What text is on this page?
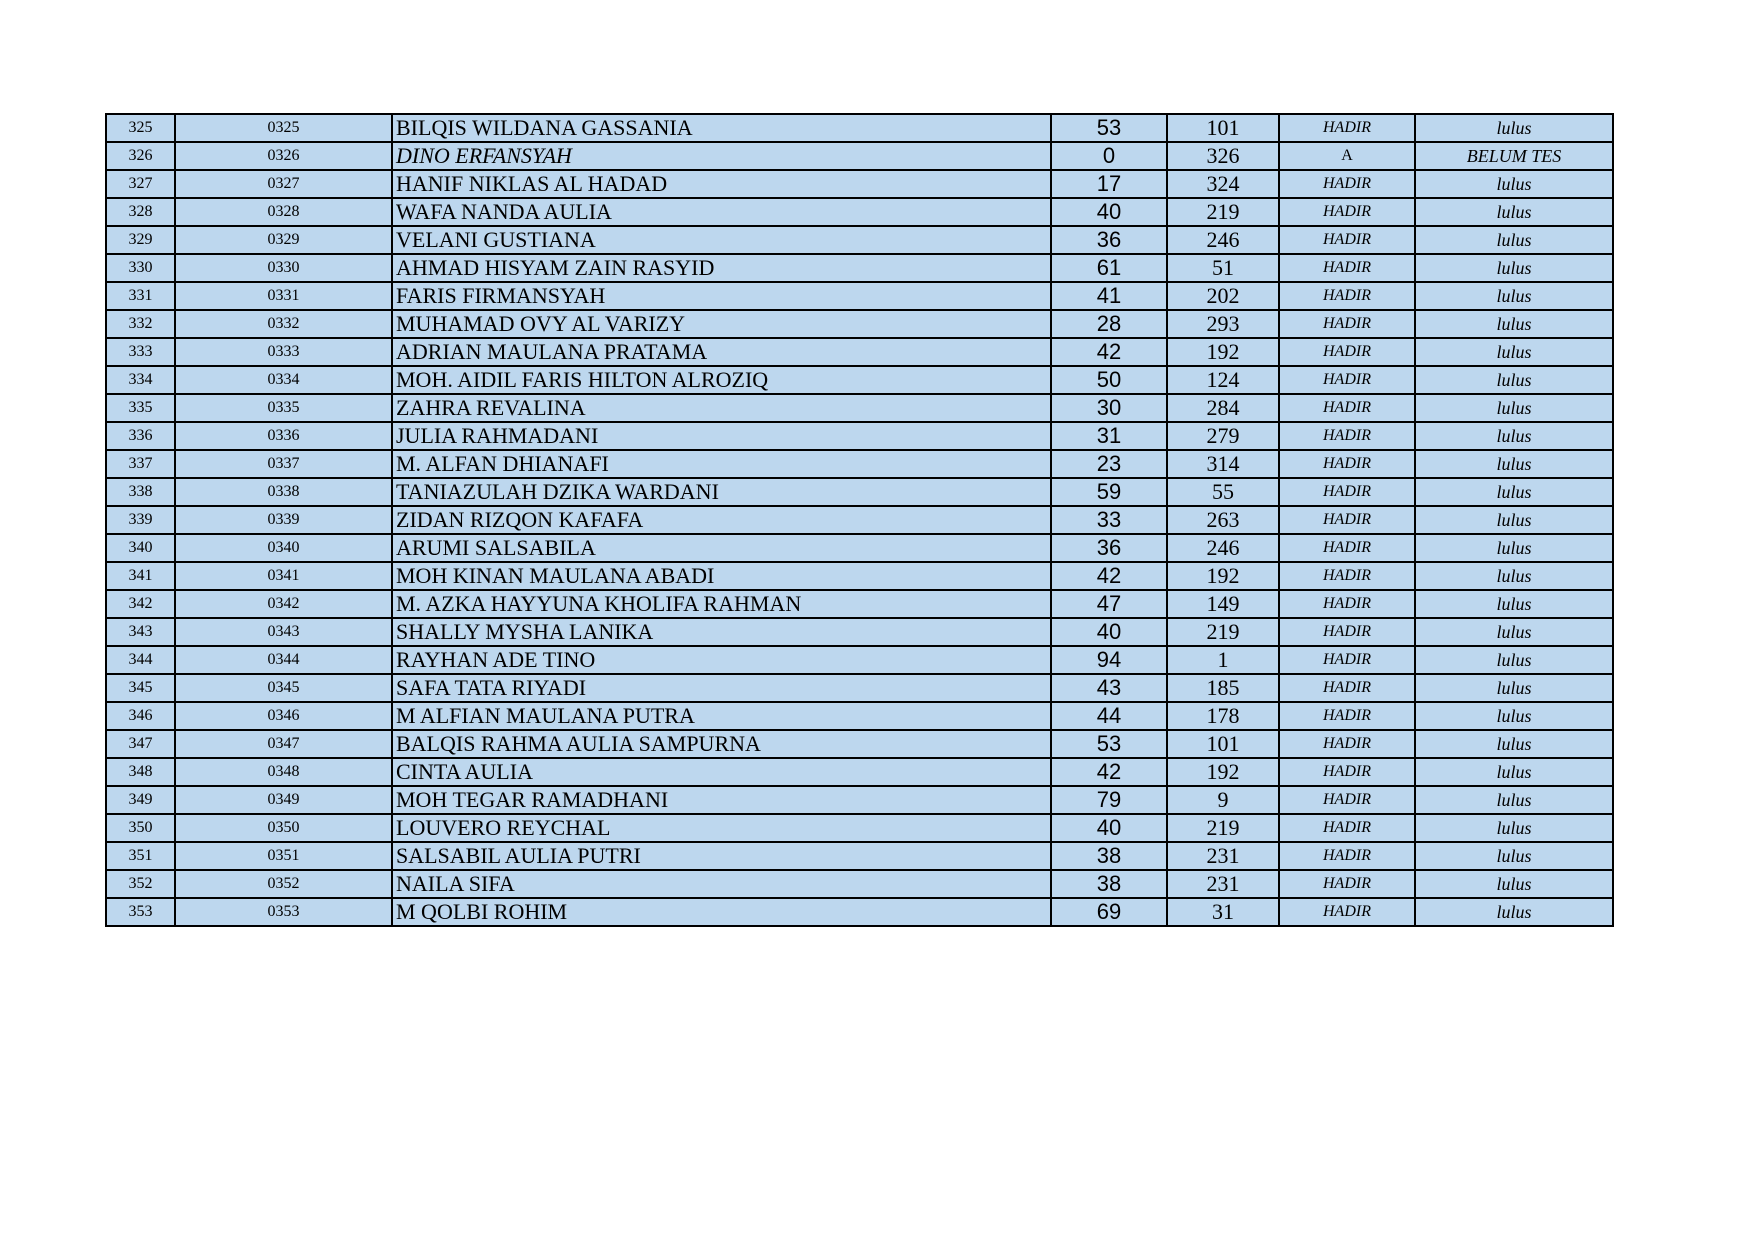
325	0325	BILQIS WILDANA GASSANIA	53	101	HADIR	lulus
326	0326	DINO ERFANSYAH	0	326	A	BELUM TES
327	0327	HANIF NIKLAS AL HADAD	17	324	HADIR	lulus
328	0328	WAFA NANDA AULIA	40	219	HADIR	lulus
329	0329	VELANI GUSTIANA	36	246	HADIR	lulus
330	0330	AHMAD HISYAM ZAIN RASYID	61	51	HADIR	lulus
331	0331	FARIS FIRMANSYAH	41	202	HADIR	lulus
332	0332	MUHAMAD OVY AL VARIZY	28	293	HADIR	lulus
333	0333	ADRIAN MAULANA PRATAMA	42	192	HADIR	lulus
334	0334	MOH. AIDIL FARIS HILTON ALROZIQ	50	124	HADIR	lulus
335	0335	ZAHRA REVALINA	30	284	HADIR	lulus
336	0336	JULIA RAHMADANI	31	279	HADIR	lulus
337	0337	M. ALFAN DHIANAFI	23	314	HADIR	lulus
338	0338	TANIAZULAH DZIKA WARDANI	59	55	HADIR	lulus
339	0339	ZIDAN RIZQON KAFAFA	33	263	HADIR	lulus
340	0340	ARUMI SALSABILA	36	246	HADIR	lulus
341	0341	MOH KINAN MAULANA ABADI	42	192	HADIR	lulus
342	0342	M. AZKA HAYYUNA KHOLIFA RAHMAN	47	149	HADIR	lulus
343	0343	SHALLY MYSHA LANIKA	40	219	HADIR	lulus
344	0344	RAYHAN ADE TINO	94	1	HADIR	lulus
345	0345	SAFA TATA RIYADI	43	185	HADIR	lulus
346	0346	M ALFIAN MAULANA PUTRA	44	178	HADIR	lulus
347	0347	BALQIS RAHMA AULIA SAMPURNA	53	101	HADIR	lulus
348	0348	CINTA AULIA	42	192	HADIR	lulus
349	0349	MOH TEGAR RAMADHANI	79	9	HADIR	lulus
350	0350	LOUVERO REYCHAL	40	219	HADIR	lulus
351	0351	SALSABIL AULIA PUTRI	38	231	HADIR	lulus
352	0352	NAILA SIFA	38	231	HADIR	lulus
353	0353	M QOLBI ROHIM	69	31	HADIR	lulus
